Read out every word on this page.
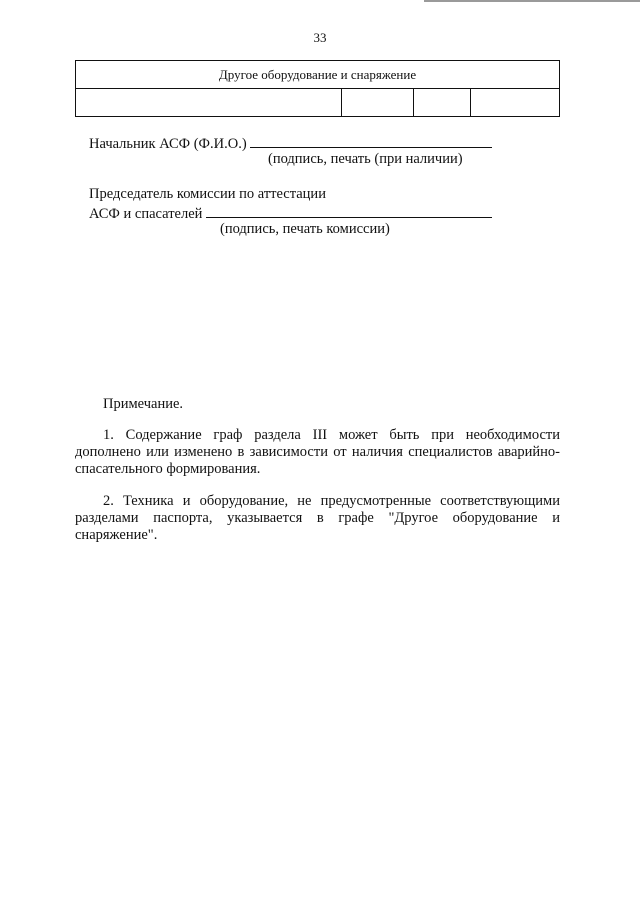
33
Другое оборудование и снаряжение

Начальник АСФ (Ф.И.О.)
(подпись, печать (при наличии)
Председатель комиссии по аттестации
АСФ и спасателей
(подпись, печать комиссии)
Примечание.
1. Содержание граф раздела III может быть при необходимости дополнено или изменено в зависимости от наличия специалистов аварийно-спасательного формирования.
2. Техника и оборудование, не предусмотренные соответствующими разделами паспорта, указывается в графе "Другое оборудование и снаряжение".
